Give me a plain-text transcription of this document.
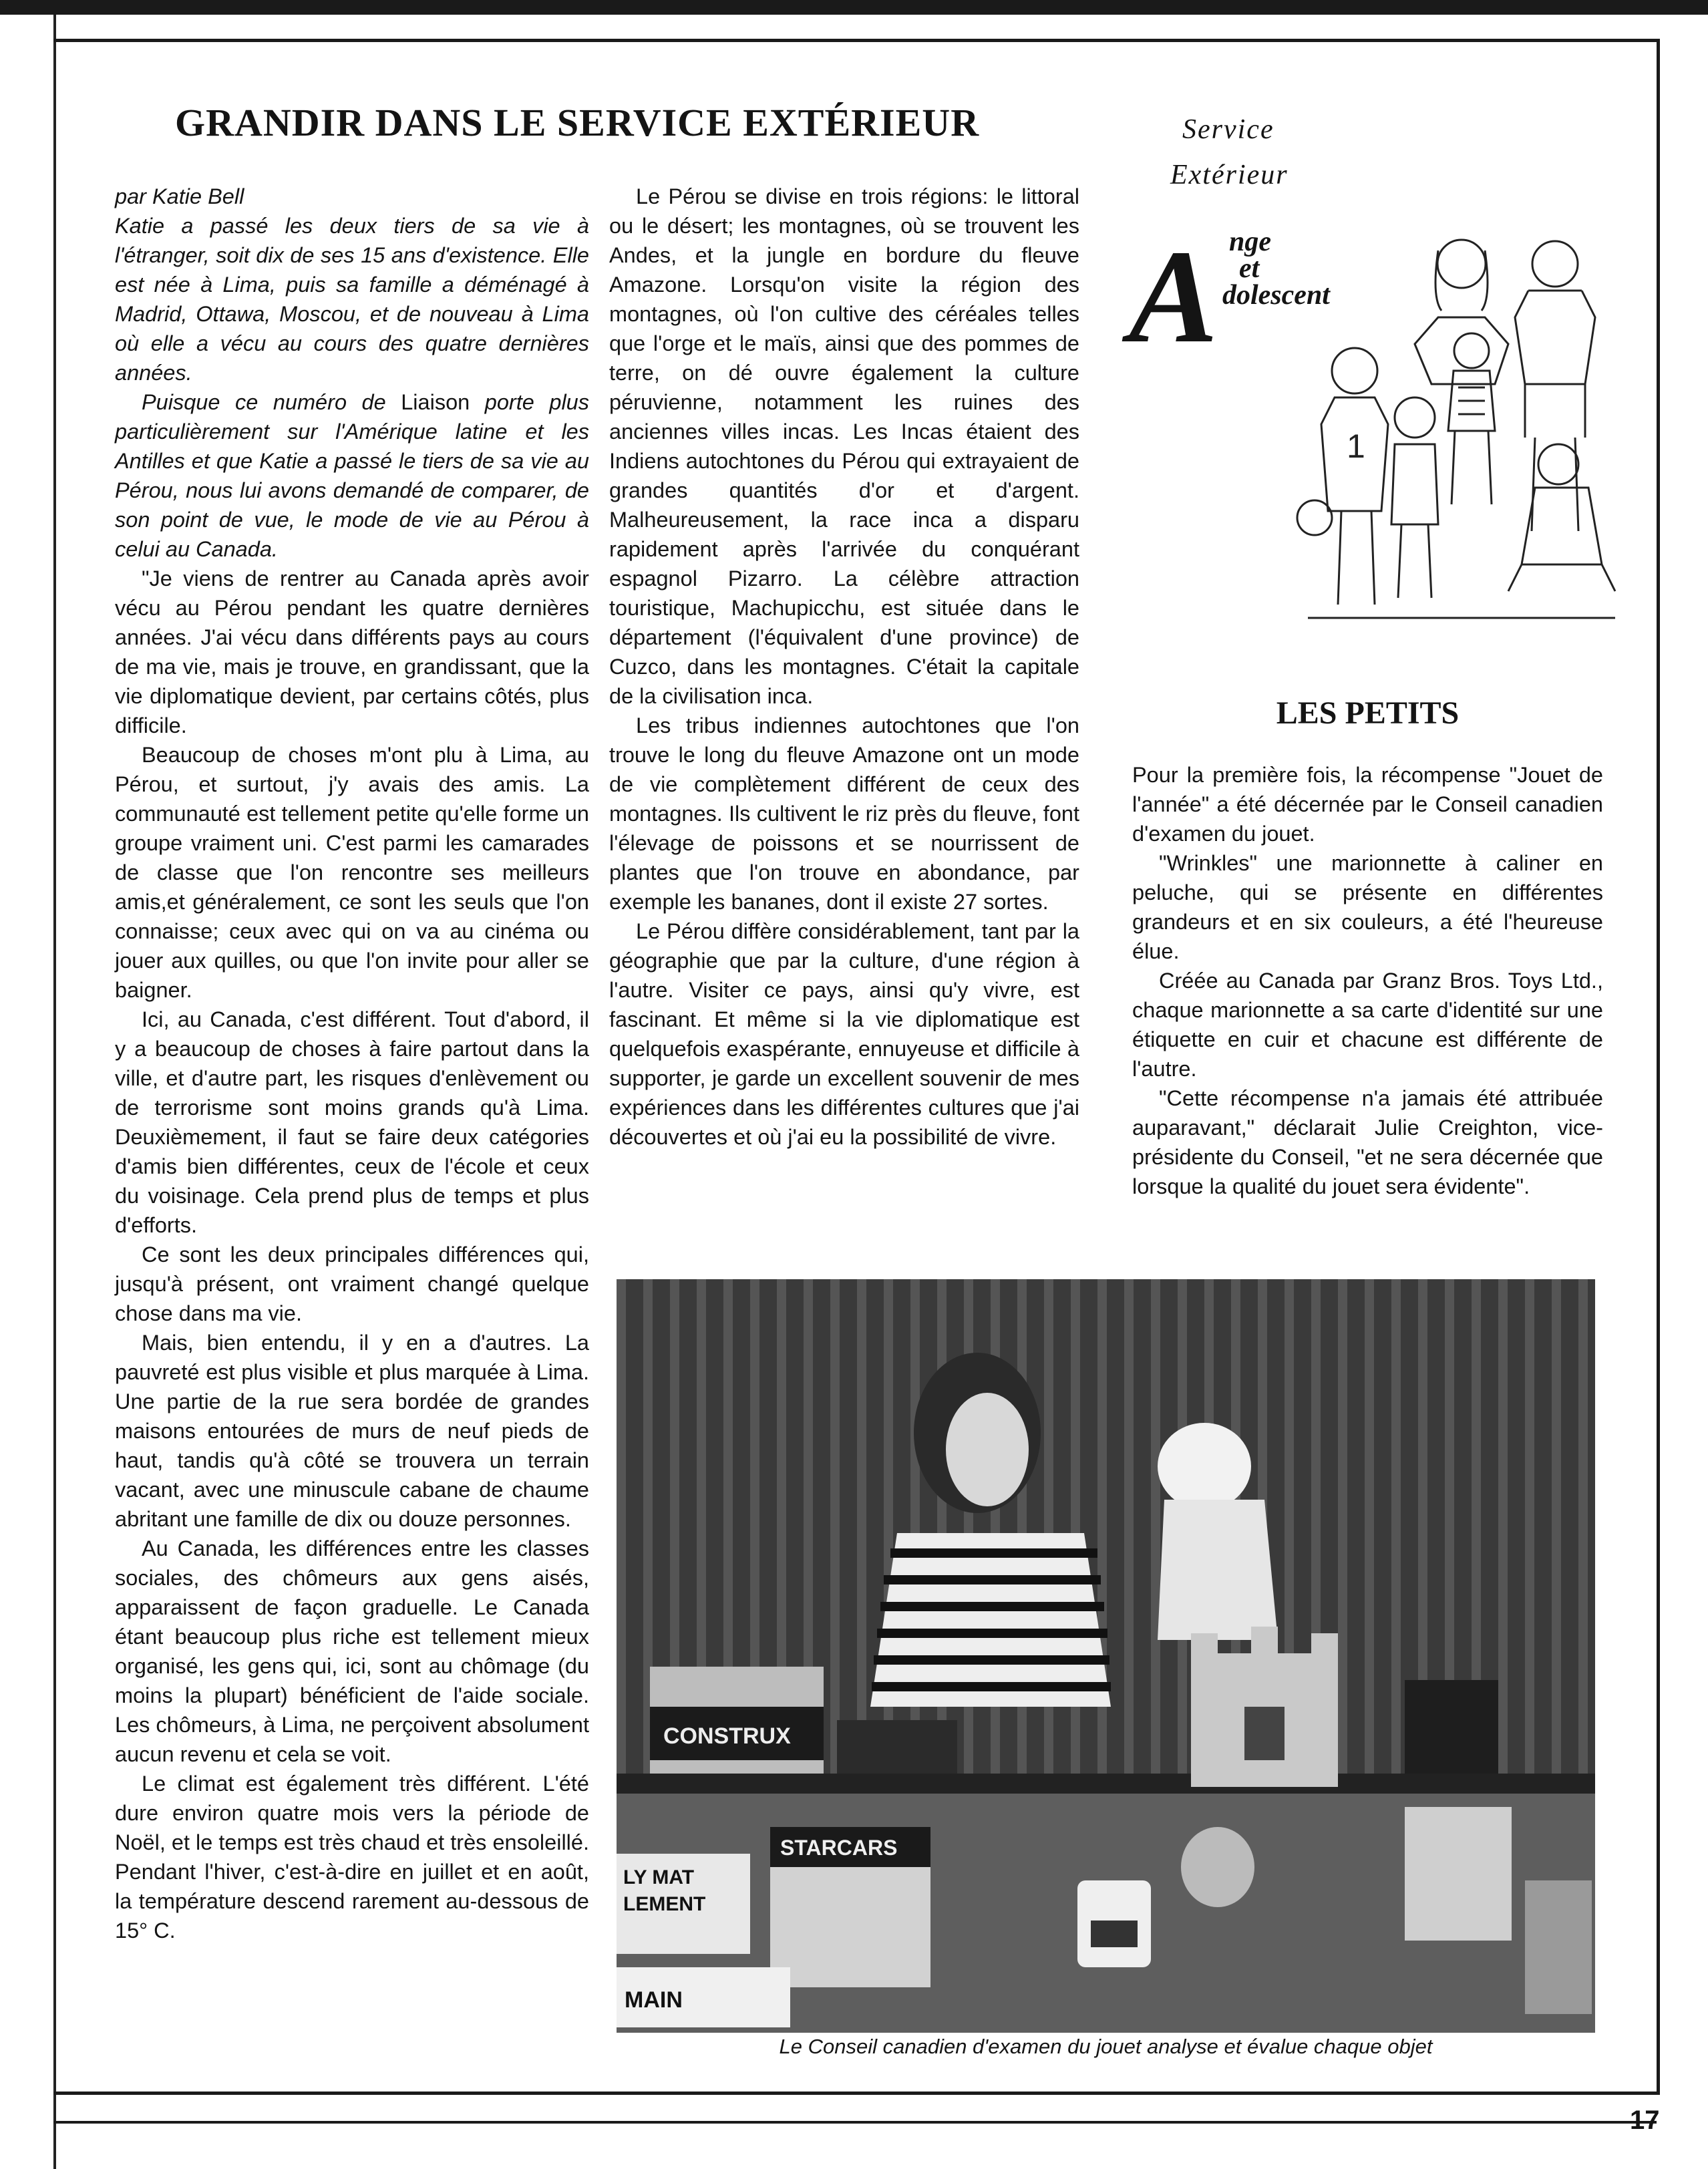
GRANDIR DANS LE SERVICE EXTÉRIEUR

par Katie Bell

Katie a passé les deux tiers de sa vie à l'étranger, soit dix de ses 15 ans d'existence. Elle est née à Lima, puis sa famille a déménagé à Madrid, Ottawa, Moscou, et de nouveau à Lima où elle a vécu au cours des quatre dernières années.

Puisque ce numéro de Liaison porte plus particulièrement sur l'Amérique latine et les Antilles et que Katie a passé le tiers de sa vie au Pérou, nous lui avons demandé de comparer, de son point de vue, le mode de vie au Pérou à celui au Canada.

"Je viens de rentrer au Canada après avoir vécu au Pérou pendant les quatre dernières années. J'ai vécu dans différents pays au cours de ma vie, mais je trouve, en grandissant, que la vie diplomatique devient, par certains côtés, plus difficile.

Beaucoup de choses m'ont plu à Lima, au Pérou, et surtout, j'y avais des amis. La communauté est tellement petite qu'elle forme un groupe vraiment uni. C'est parmi les camarades de classe que l'on rencontre ses meilleurs amis,et généralement, ce sont les seuls que l'on connaisse; ceux avec qui on va au cinéma ou jouer aux quilles, ou que l'on invite pour aller se baigner.

Ici, au Canada, c'est différent. Tout d'abord, il y a beaucoup de choses à faire partout dans la ville, et d'autre part, les risques d'enlèvement ou de terrorisme sont moins grands qu'à Lima. Deuxièmement, il faut se faire deux catégories d'amis bien différentes, ceux de l'école et ceux du voisinage. Cela prend plus de temps et plus d'efforts.

Ce sont les deux principales différences qui, jusqu'à présent, ont vraiment changé quelque chose dans ma vie.

Mais, bien entendu, il y en a d'autres. La pauvreté est plus visible et plus marquée à Lima. Une partie de la rue sera bordée de grandes maisons entourées de murs de neuf pieds de haut, tandis qu'à côté se trouvera un terrain vacant, avec une minuscule cabane de chaume abritant une famille de dix ou douze personnes.

Au Canada, les différences entre les classes sociales, des chômeurs aux gens aisés, apparaissent de façon graduelle. Le Canada étant beaucoup plus riche est tellement mieux organisé, les gens qui, ici, sont au chômage (du moins la plupart) bénéficient de l'aide sociale. Les chômeurs, à Lima, ne perçoivent absolument aucun revenu et cela se voit.

Le climat est également très différent. L'été dure environ quatre mois vers la période de Noël, et le temps est très chaud et très ensoleillé. Pendant l'hiver, c'est-à-dire en juillet et en août, la température descend rarement au-dessous de 15° C.

Le Pérou se divise en trois régions: le littoral ou le désert; les montagnes, où se trouvent les Andes, et la jungle en bordure du fleuve Amazone. Lorsqu'on visite la région des montagnes, où l'on cultive des céréales telles que l'orge et le maïs, ainsi que des pommes de terre, on dé ouvre également la culture péruvienne, notamment les ruines des anciennes villes incas. Les Incas étaient des Indiens autochtones du Pérou qui extrayaient de grandes quantités d'or et d'argent. Malheureusement, la race inca a disparu rapidement après l'arrivée du conquérant espagnol Pizarro. La célèbre attraction touristique, Machupicchu, est située dans le département (l'équivalent d'une province) de Cuzco, dans les montagnes. C'était la capitale de la civilisation inca.

Les tribus indiennes autochtones que l'on trouve le long du fleuve Amazone ont un mode de vie complètement différent de ceux des montagnes. Ils cultivent le riz près du fleuve, font l'élevage de poissons et se nourrissent de plantes que l'on trouve en abondance, par exemple les bananes, dont il existe 27 sortes.

Le Pérou diffère considérablement, tant par la géographie que par la culture, d'une région à l'autre. Visiter ce pays, ainsi qu'y vivre, est fascinant. Et même si la vie diplomatique est quelquefois exaspérante, ennuyeuse et difficile à supporter, je garde un excellent souvenir de mes expériences dans les différentes cultures que j'ai découvertes et où j'ai eu la possibilité de vivre.

Service
Extérieur
A nge
et
dolescent
1
LES PETITS

Pour la première fois, la récompense "Jouet de l'année" a été décernée par le Conseil canadien d'examen du jouet.

"Wrinkles" une marionnette à caliner en peluche, qui se présente en différentes grandeurs et en six couleurs, a été l'heureuse élue.

Créée au Canada par Granz Bros. Toys Ltd., chaque marionnette a sa carte d'identité sur une étiquette en cuir et chacune est différente de l'autre.

"Cette récompense n'a jamais été attribuée auparavant," déclarait Julie Creighton, vice-présidente du Conseil, "et ne sera décernée que lorsque la qualité du jouet sera évidente".

CONSTRUX
LY MAT
LEMENT
STARCARS
MAIN
Le Conseil canadien d'examen du jouet analyse et évalue chaque objet
17
